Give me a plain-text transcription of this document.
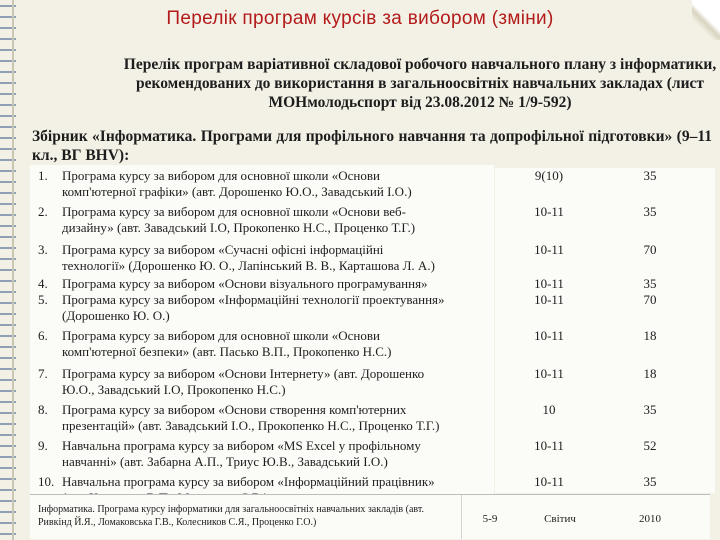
Перелік програм курсів за вибором (зміни)
Перелік програм варіативної складової робочого навчального плану з інформатики, рекомендованих до використання в загальноосвітніх навчальних закладах (лист МОНмолодьспорт від 23.08.2012 № 1/9-592)
Збірник «Інформатика. Програми для профільного навчання та допрофільної підготовки» (9–11 кл., ВГ BHV):
1.	Програма курсу за вибором для основної школи «Основи
комп'ютерної графіки» (авт. Дорошенко Ю.О., Завадський І.О.)
9(10)	35
2.	Програма курсу за вибором для основної школи «Основи веб-
дизайну» (авт. Завадський І.О, Прокопенко Н.С., Проценко Т.Г.)
10-11	35
3.	Програма курсу за вибором «Сучасні офісні інформаційні
технології» (Дорошенко Ю. О., Лапінський В. В., Карташова Л. А.)
10-11	70
4.	Програма курсу за вибором «Основи візуального програмування»	10-11	35
5.	Програма курсу за вибором «Інформаційні технології проектування»
(Дорошенко Ю. О.)
10-11	70
6.	Програма курсу за вибором для основної школи «Основи
комп'ютерної безпеки» (авт. Пасько В.П., Прокопенко Н.С.)
10-11	18
7.	Програма курсу за вибором «Основи Інтернету» (авт. Дорошенко
Ю.О., Завадський І.О, Прокопенко Н.С.)
10-11	18
8.	Програма курсу за вибором «Основи створення комп'ютерних
презентацій» (авт. Завадський І.О., Прокопенко Н.С., Проценко Т.Г.)
10	35
9.	Навчальна програма курсу за вибором «MS Excel у профільному
навчанні» (авт. Забарна А.П., Триус Ю.В., Завадський І.О.)
10-11	52
10. Навчальна програма курсу за вибором «Інформаційний працівник»	10-11	35
Інформатика. Програма курсу інформатики для загальноосвітніх навчальних закладів (авт. Ривкінд Й.Я., Ломаковська Г.В., Колесников С.Я., Проценко Г.О.)	5-9	Світич	2010
